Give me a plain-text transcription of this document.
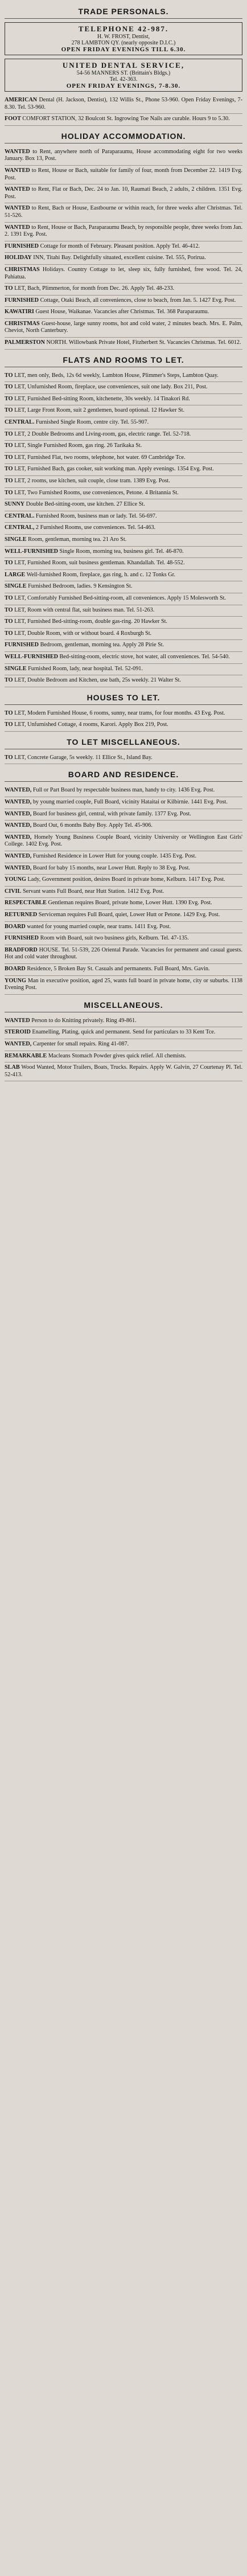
TRADE PERSONALS.
TELEPHONE 42-987.
H. W. FROST, Dentist,
278 LAMBTON QY. (nearly opposite D.I.C.)
OPEN FRIDAY EVENINGS TILL 6.30.
UNITED DENTAL SERVICE,
54-56 MANNERS ST. (Brittain's Bldgs.)
Tel. 42-363.
OPEN FRIDAY EVENINGS, 7-8.30.

AMERICAN Dental (H. Jackson, Dentist), 132 Willis St., Phone 53-960. Open Friday Evenings, 7-8.30. Tel. 53-960.

FOOT COMFORT STATION, 32 Boulcott St. Ingrowing Toe Nails are curable. Hours 9 to 5.30.

HOLIDAY ACCOMMODATION.

WANTED to Rent, anywhere north of Paraparaumu, House accommodating eight for two weeks January. Box 13, Post.

WANTED to Rent, House or Bach, suitable for family of four, month from December 22. 1419 Evg. Post.

WANTED to Rent, Flat or Bach, Dec. 24 to Jan. 10, Raumati Beach, 2 adults, 2 children. 1351 Evg. Post.

WANTED to Rent, Bach or House, Eastbourne or within reach, for three weeks after Christmas. Tel. 51-526.

WANTED to Rent, House or Bach, Paraparaumu Beach, by responsible people, three weeks from Jan. 2. 1391 Evg. Post.

FURNISHED Cottage for month of February. Pleasant position. Apply Tel. 46-412.

HOLIDAY INN, Titahi Bay. Delightfully situated, excellent cuisine. Tel. 555, Porirua.

CHRISTMAS Holidays. Country Cottage to let, sleep six, fully furnished, free wood. Tel. 24, Pahiatua.

TO LET, Bach, Plimmerton, for month from Dec. 26. Apply Tel. 48-233.

FURNISHED Cottage, Otaki Beach, all conveniences, close to beach, from Jan. 5. 1427 Evg. Post.

KAWATIRI Guest House, Waikanae. Vacancies after Christmas. Tel. 368 Paraparaumu.

CHRISTMAS Guest-house, large sunny rooms, hot and cold water, 2 minutes beach. Mrs. E. Palm, Cheviot, North Canterbury.

PALMERSTON NORTH. Willowbank Private Hotel, Fitzherbert St. Vacancies Christmas. Tel. 6012.

FLATS AND ROOMS TO LET.

TO LET, men only, Beds, 12s 6d weekly, Lambton House, Plimmer's Steps, Lambton Quay.

TO LET, Unfurnished Room, fireplace, use conveniences, suit one lady. Box 211, Post.

TO LET, Furnished Bed-sitting Room, kitchenette, 30s weekly. 14 Tinakori Rd.

TO LET, Large Front Room, suit 2 gentlemen, board optional. 12 Hawker St.

CENTRAL. Furnished Single Room, centre city. Tel. 55-907.

TO LET, 2 Double Bedrooms and Living-room, gas, electric range. Tel. 52-718.

TO LET, Single Furnished Room, gas ring. 26 Tarikaka St.

TO LET, Furnished Flat, two rooms, telephone, hot water. 69 Cambridge Tce.

TO LET, Furnished Bach, gas cooker, suit working man. Apply evenings. 1354 Evg. Post.

TO LET, 2 rooms, use kitchen, suit couple, close tram. 1389 Evg. Post.

TO LET, Two Furnished Rooms, use conveniences, Petone. 4 Britannia St.

SUNNY Double Bed-sitting-room, use kitchen. 27 Ellice St.

CENTRAL. Furnished Room, business man or lady. Tel. 56-697.

CENTRAL, 2 Furnished Rooms, use conveniences. Tel. 54-463.

SINGLE Room, gentleman, morning tea. 21 Aro St.

WELL-FURNISHED Single Room, morning tea, business girl. Tel. 46-870.

TO LET, Furnished Room, suit business gentleman. Khandallah. Tel. 48-552.

LARGE Well-furnished Room, fireplace, gas ring, h. and c. 12 Tonks Gr.

SINGLE Furnished Bedroom, ladies. 9 Kensington St.

TO LET, Comfortably Furnished Bed-sitting-room, all conveniences. Apply 15 Molesworth St.

TO LET, Room with central flat, suit business man. Tel. 51-263.

TO LET, Furnished Bed-sitting-room, double gas-ring. 20 Hawker St.

TO LET, Double Room, with or without board. 4 Roxburgh St.

FURNISHED Bedroom, gentleman, morning tea. Apply 28 Pirie St.

WELL-FURNISHED Bed-sitting-room, electric stove, hot water, all conveniences. Tel. 54-540.

SINGLE Furnished Room, lady, near hospital. Tel. 52-091.

TO LET, Double Bedroom and Kitchen, use bath, 25s weekly. 21 Walter St.

HOUSES TO LET.

TO LET, Modern Furnished House, 6 rooms, sunny, near trams, for four months. 43 Evg. Post.

TO LET, Unfurnished Cottage, 4 rooms, Karori. Apply Box 219, Post.

TO LET MISCELLANEOUS.

TO LET, Concrete Garage, 5s weekly. 11 Ellice St., Island Bay.

BOARD AND RESIDENCE.

WANTED, Full or Part Board by respectable business man, handy to city. 1436 Evg. Post.

WANTED, by young married couple, Full Board, vicinity Hataitai or Kilbirnie. 1441 Evg. Post.

WANTED, Board for business girl, central, with private family. 1377 Evg. Post.

WANTED, Board Out, 6 months Baby Boy. Apply Tel. 45-906.

WANTED, Homely Young Business Couple Board, vicinity University or Wellington East Girls' College. 1402 Evg. Post.

WANTED, Furnished Residence in Lower Hutt for young couple. 1435 Evg. Post.

WANTED, Board for baby 15 months, near Lower Hutt. Reply to 38 Evg. Post.

YOUNG Lady, Government position, desires Board in private home, Kelburn. 1417 Evg. Post.

CIVIL Servant wants Full Board, near Hutt Station. 1412 Evg. Post.

RESPECTABLE Gentleman requires Board, private home, Lower Hutt. 1390 Evg. Post.

RETURNED Serviceman requires Full Board, quiet, Lower Hutt or Petone. 1429 Evg. Post.

BOARD wanted for young married couple, near trams. 1411 Evg. Post.

FURNISHED Room with Board, suit two business girls, Kelburn. Tel. 47-135.

BRADFORD HOUSE. Tel. 51-539, 226 Oriental Parade. Vacancies for permanent and casual guests. Hot and cold water throughout.

BOARD Residence, 5 Broken Bay St. Casuals and permanents. Full Board, Mrs. Gavin.

YOUNG Man in executive position, aged 25, wants full board in private home, city or suburbs. 1138 Evening Post.

MISCELLANEOUS.

WANTED Person to do Knitting privately. Ring 49-861.

STEROID Enamelling, Plating, quick and permanent. Send for particulars to 33 Kent Tce.

WANTED, Carpenter for small repairs. Ring 41-087.

REMARKABLE Macleans Stomach Powder gives quick relief. All chemists.

SLAB Wood Wanted, Motor Trailers, Boats, Trucks. Repairs. Apply W. Galvin, 27 Courtenay Pl. Tel. 52-413.
